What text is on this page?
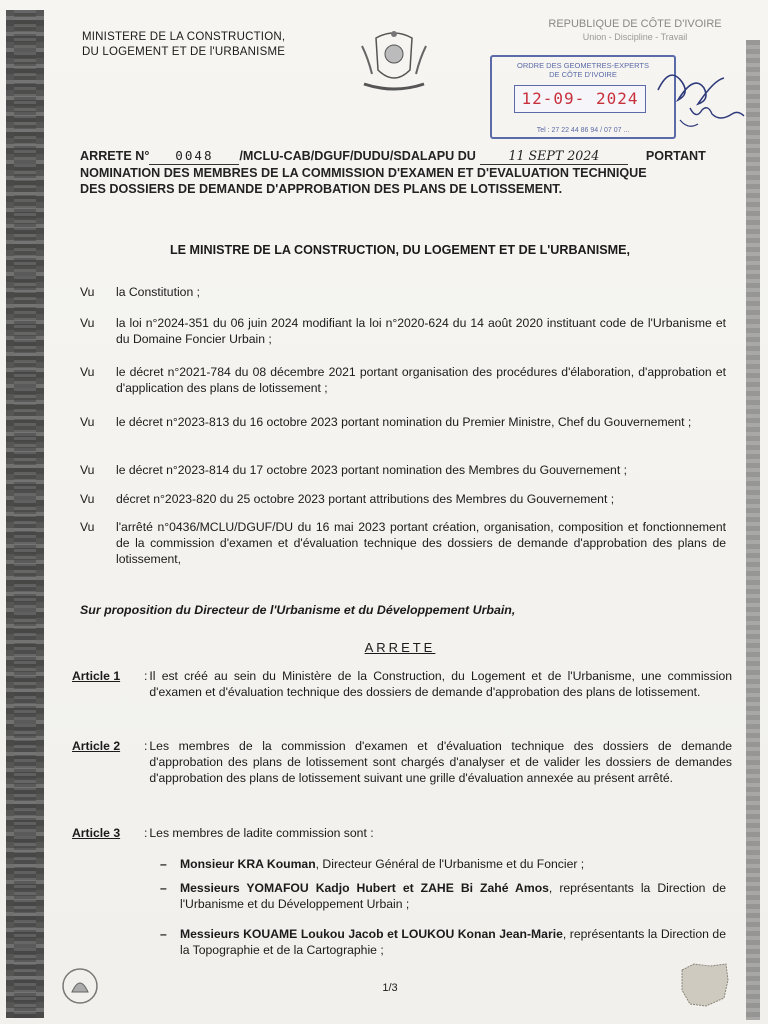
MINISTERE DE LA CONSTRUCTION,
DU LOGEMENT ET DE l'URBANISME
REPUBLIQUE DE CÔTE D'IVOIRE
Union - Discipline - Travail
ORDRE DES GEOMETRES-EXPERTS
DE CÔTE D'IVOIRE
12-09- 2024
Tel : 27 22 44 86 94 / 07 07 ...
ARRETE N°	0048	/MCLU-CAB/DGUF/DUDU/SDALAPU DU	11 SEPT 2024	PORTANT
NOMINATION DES MEMBRES DE LA COMMISSION D'EXAMEN ET D'EVALUATION TECHNIQUE
DES DOSSIERS DE DEMANDE D'APPROBATION DES PLANS DE LOTISSEMENT.
LE MINISTRE DE LA CONSTRUCTION, DU LOGEMENT ET DE L'URBANISME,
Vu	la Constitution ;
Vu	la loi n°2024-351 du 06 juin 2024 modifiant la loi n°2020-624 du 14 août 2020 instituant code de l'Urbanisme et du Domaine Foncier Urbain ;
Vu	le décret n°2021-784 du 08 décembre 2021 portant organisation des procédures d'élaboration, d'approbation et d'application des plans de lotissement ;
Vu	le décret n°2023-813 du 16 octobre 2023 portant nomination du Premier Ministre, Chef du Gouvernement ;
Vu	le décret n°2023-814 du 17 octobre 2023 portant nomination des Membres du Gouvernement ;
Vu	décret n°2023-820 du 25 octobre 2023 portant attributions des Membres du Gouvernement ;
Vu	l'arrêté n°0436/MCLU/DGUF/DU du 16 mai 2023 portant création, organisation, composition et fonctionnement de la commission d'examen et d'évaluation technique des dossiers de demande d'approbation des plans de lotissement,
Sur proposition du Directeur de l'Urbanisme et du Développement Urbain,
ARRETE
Article 1	: Il est créé au sein du Ministère de la Construction, du Logement et de l'Urbanisme, une commission d'examen et d'évaluation technique des dossiers de demande d'approbation des plans de lotissement.
Article 2	: Les membres de la commission d'examen et d'évaluation technique des dossiers de demande d'approbation des plans de lotissement sont chargés d'analyser et de valider les dossiers de demandes d'approbation des plans de lotissement suivant une grille d'évaluation annexée au présent arrêté.
Article 3	: Les membres de ladite commission sont :
–	Monsieur KRA Kouman, Directeur Général de l'Urbanisme et du Foncier ;
–	Messieurs YOMAFOU Kadjo Hubert et ZAHE Bi Zahé Amos, représentants la Direction de l'Urbanisme et du Développement Urbain ;
–	Messieurs KOUAME Loukou Jacob et LOUKOU Konan Jean-Marie, représentants la Direction de la Topographie et de la Cartographie ;
1/3
